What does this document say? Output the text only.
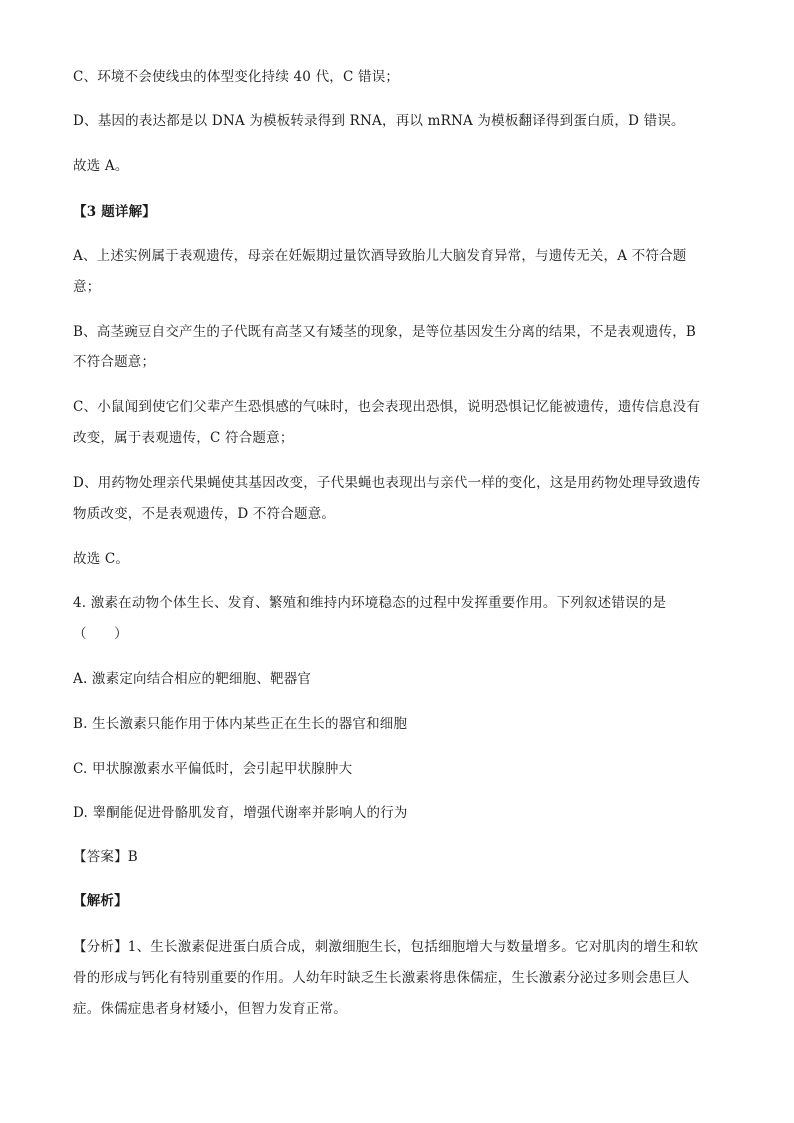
C、环境不会使线虫的体型变化持续 40 代，C 错误；
D、基因的表达都是以 DNA 为模板转录得到 RNA，再以 mRNA 为模板翻译得到蛋白质，D 错误。
故选 A。
【3 题详解】
A、上述实例属于表观遗传，母亲在妊娠期过量饮酒导致胎儿大脑发育异常，与遗传无关，A 不符合题
意；
B、高茎豌豆自交产生的子代既有高茎又有矮茎的现象，是等位基因发生分离的结果，不是表观遗传，B
不符合题意；
C、小鼠闻到使它们父辈产生恐惧感的气味时，也会表现出恐惧，说明恐惧记忆能被遗传，遗传信息没有
改变，属于表观遗传，C 符合题意；
D、用药物处理亲代果蝇使其基因改变，子代果蝇也表现出与亲代一样的变化，这是用药物处理导致遗传
物质改变，不是表观遗传，D 不符合题意。
故选 C。
4. 激素在动物个体生长、发育、繁殖和维持内环境稳态的过程中发挥重要作用。下列叙述错误的是
（　　）
A. 激素定向结合相应的靶细胞、靶器官
B. 生长激素只能作用于体内某些正在生长的器官和细胞
C. 甲状腺激素水平偏低时，会引起甲状腺肿大
D. 睾酮能促进骨骼肌发育，增强代谢率并影响人的行为
【答案】B
【解析】
【分析】1、生长激素促进蛋白质合成，刺激细胞生长，包括细胞增大与数量增多。它对肌肉的增生和软
骨的形成与钙化有特别重要的作用。人幼年时缺乏生长激素将患侏儒症，生长激素分泌过多则会患巨人
症。侏儒症患者身材矮小，但智力发育正常。
